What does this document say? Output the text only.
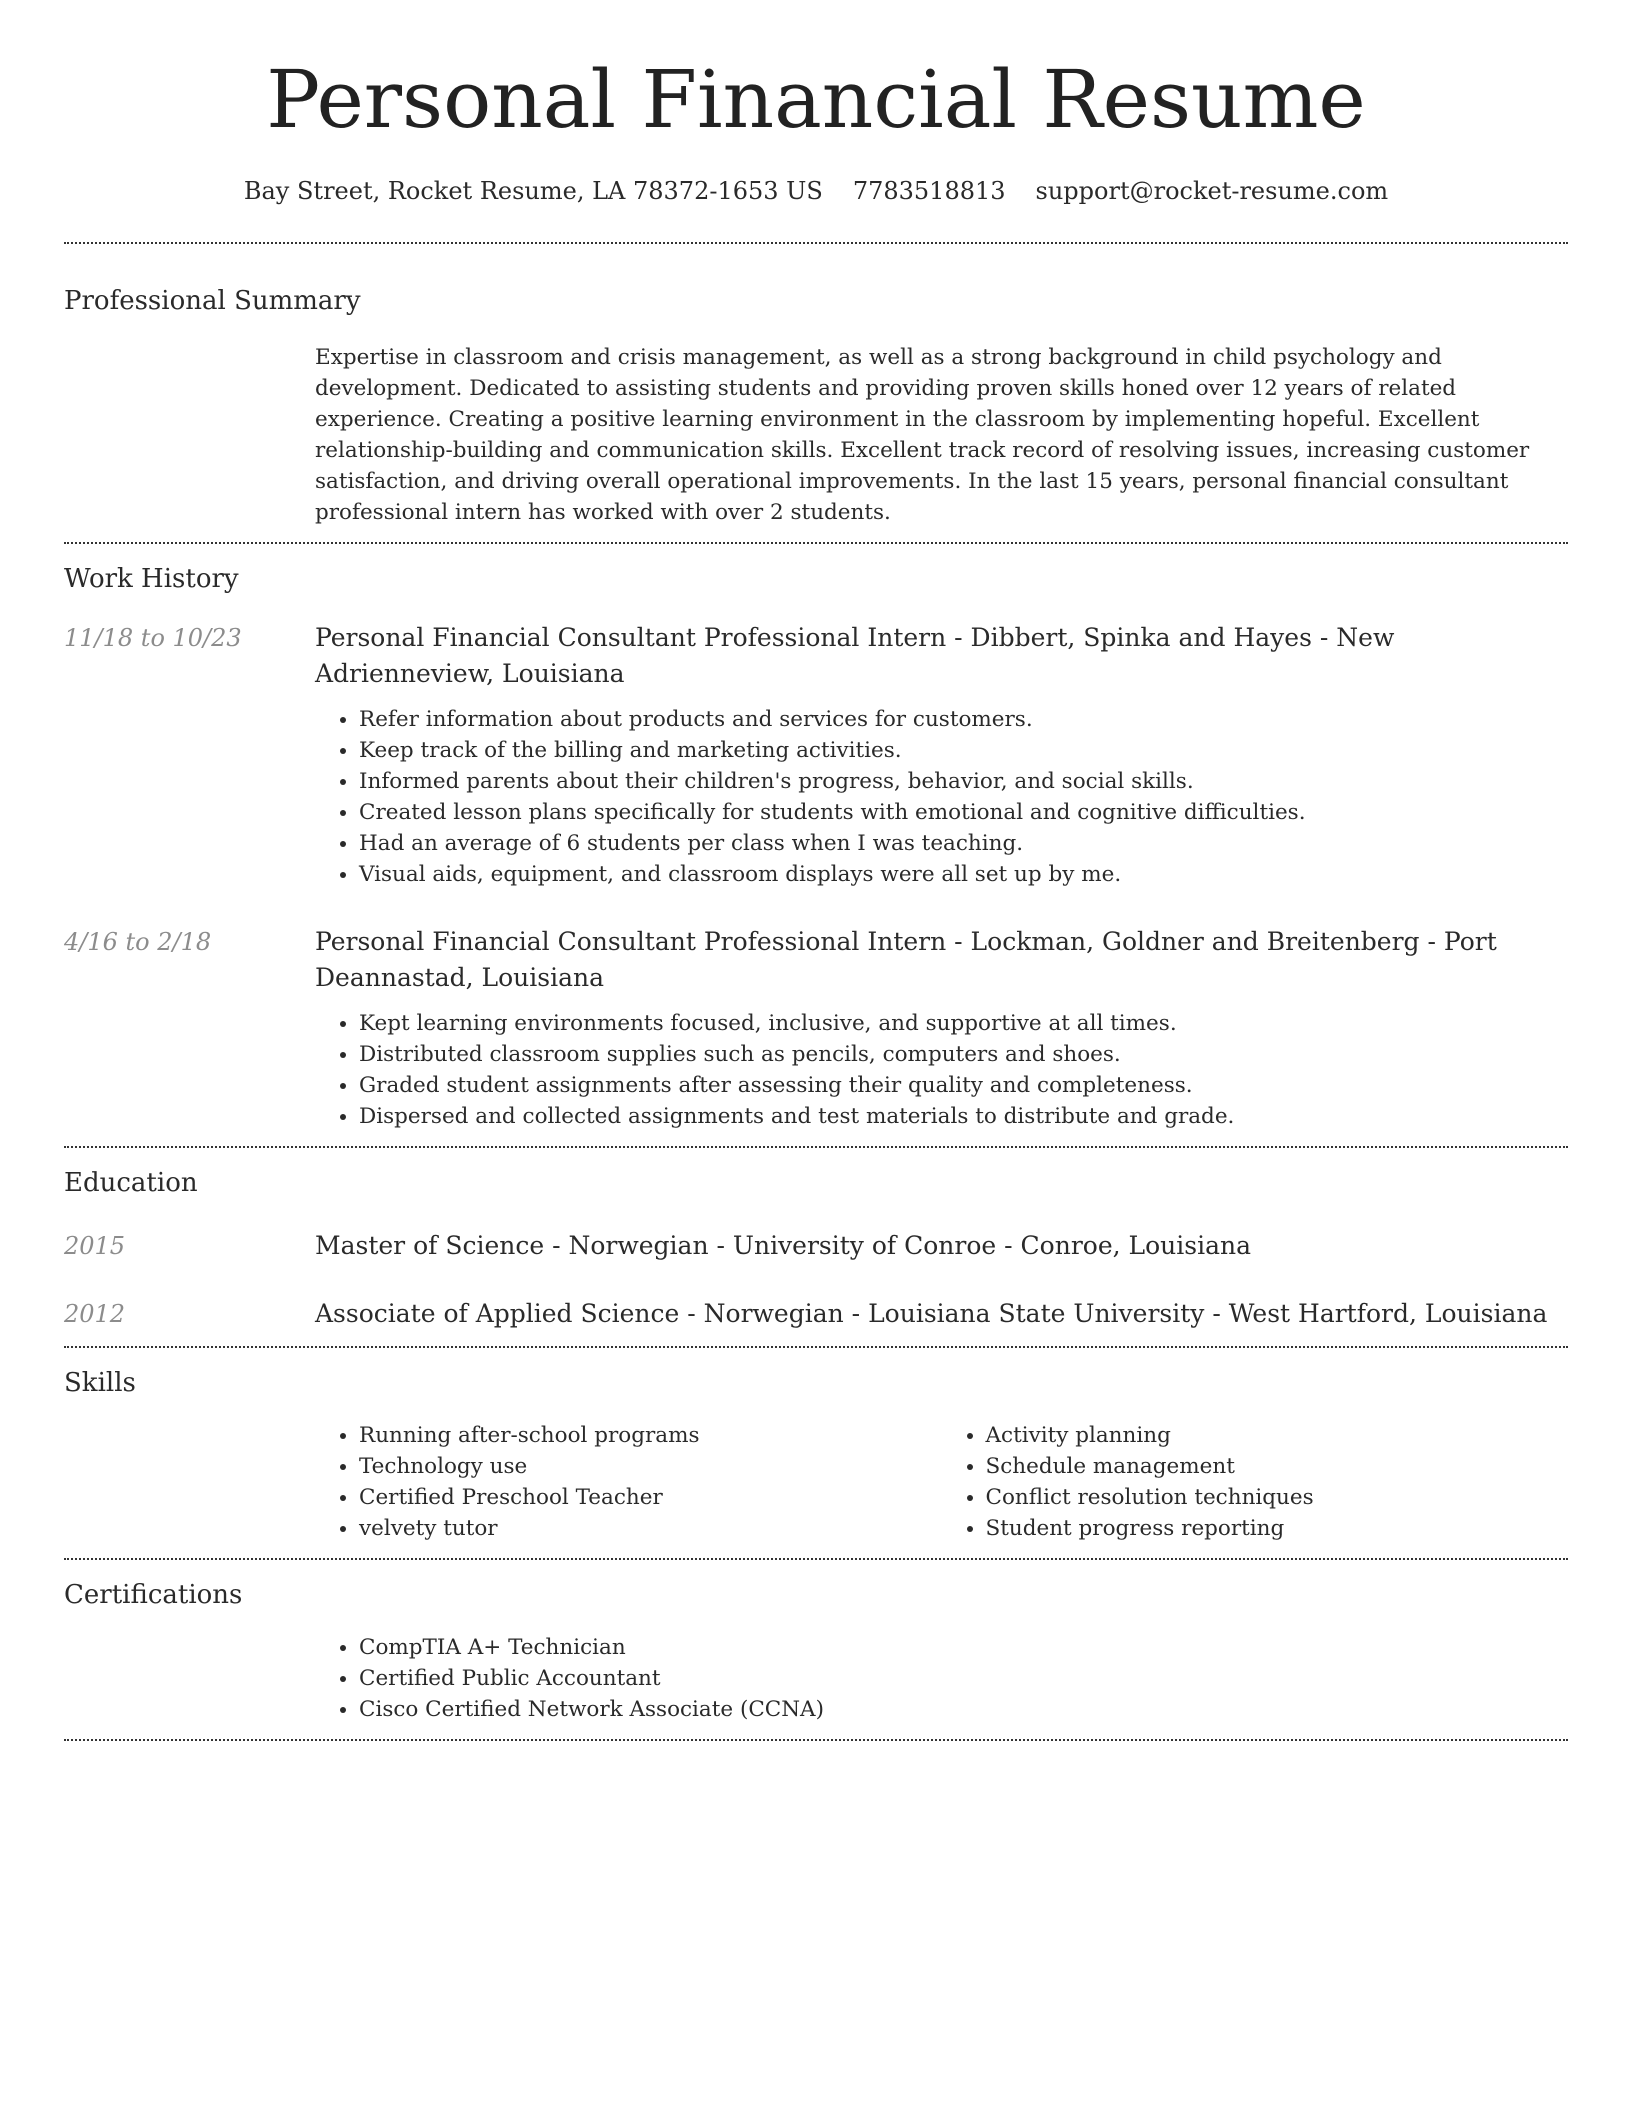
Personal Financial Resume
Bay Street, Rocket Resume, LA 78372-1653 US 7783518813 support@rocket-resume.com
Professional Summary

Expertise in classroom and crisis management, as well as a strong background in child psychology and development. Dedicated to assisting students and providing proven skills honed over 12 years of related experience. Creating a positive learning environment in the classroom by implementing hopeful. Excellent relationship-building and communication skills. Excellent track record of resolving issues, increasing customer satisfaction, and driving overall operational improvements. In the last 15 years, personal financial consultant professional intern has worked with over 2 students.

Work History
11/18 to 10/23	Personal Financial Consultant Professional Intern - Dibbert, Spinka and Hayes - New Adrienneview, Louisiana
• Refer information about products and services for customers.
• Keep track of the billing and marketing activities.
• Informed parents about their children's progress, behavior, and social skills.
• Created lesson plans specifically for students with emotional and cognitive difficulties.
• Had an average of 6 students per class when I was teaching.
• Visual aids, equipment, and classroom displays were all set up by me.
4/16 to 2/18	Personal Financial Consultant Professional Intern - Lockman, Goldner and Breitenberg - Port Deannastad, Louisiana
• Kept learning environments focused, inclusive, and supportive at all times.
• Distributed classroom supplies such as pencils, computers and shoes.
• Graded student assignments after assessing their quality and completeness.
• Dispersed and collected assignments and test materials to distribute and grade.
Education
2015	Master of Science - Norwegian - University of Conroe - Conroe, Louisiana
2012	Associate of Applied Science - Norwegian - Louisiana State University - West Hartford, Louisiana
Skills
• Running after-school programs
• Technology use
• Certified Preschool Teacher
• velvety tutor
• Activity planning
• Schedule management
• Conflict resolution techniques
• Student progress reporting
Certifications
• CompTIA A+ Technician
• Certified Public Accountant
• Cisco Certified Network Associate (CCNA)
